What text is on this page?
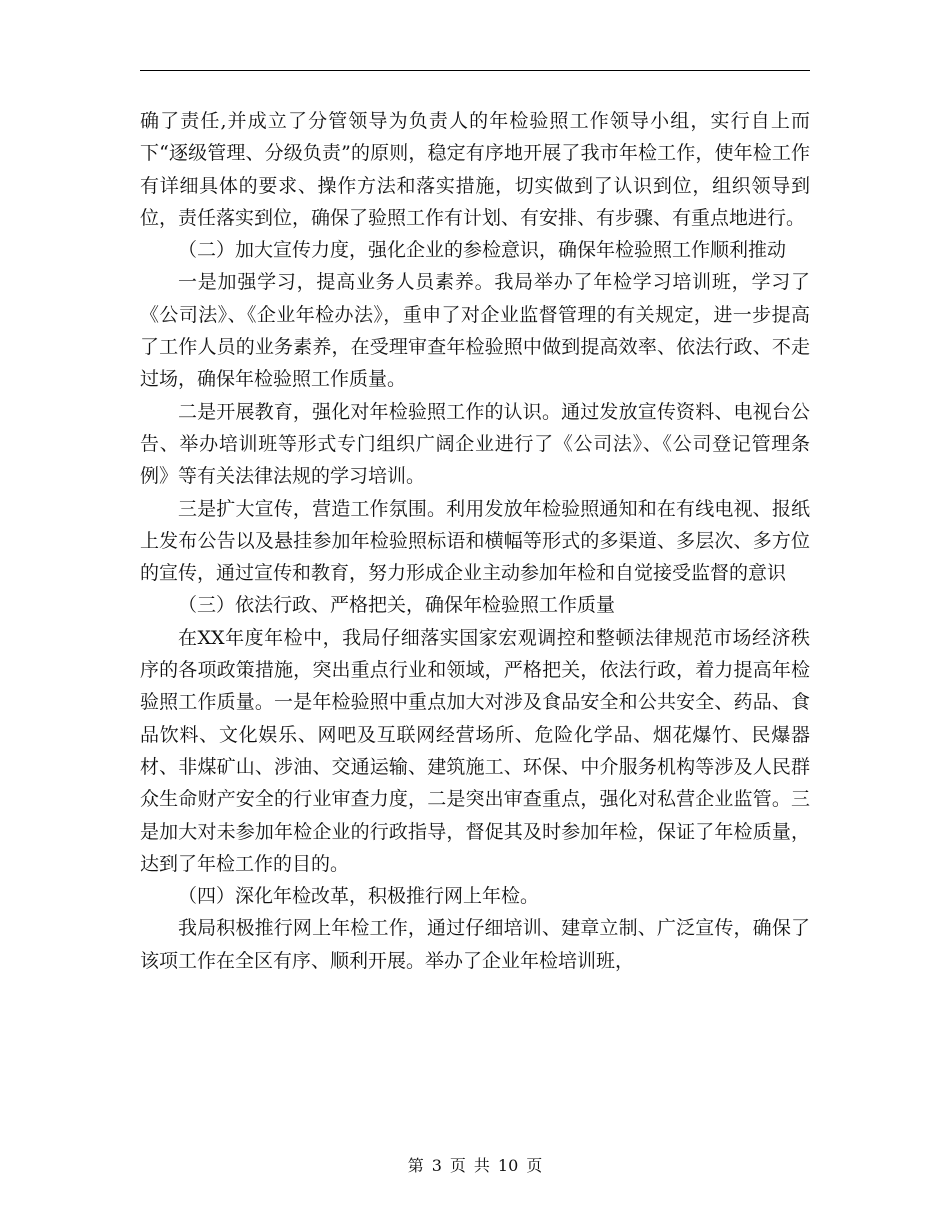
确了责任,并成立了分管领导为负责人的年检验照工作领导小组，实行自上而下“逐级管理、分级负责”的原则，稳定有序地开展了我市年检工作，使年检工作有详细具体的要求、操作方法和落实措施，切实做到了认识到位，组织领导到位，责任落实到位，确保了验照工作有计划、有安排、有步骤、有重点地进行。

（二）加大宣传力度，强化企业的参检意识，确保年检验照工作顺利推动

一是加强学习，提高业务人员素养。我局举办了年检学习培训班，学习了《公司法》、《企业年检办法》，重申了对企业监督管理的有关规定，进一步提高了工作人员的业务素养，在受理审查年检验照中做到提高效率、依法行政、不走过场，确保年检验照工作质量。

二是开展教育，强化对年检验照工作的认识。通过发放宣传资料、电视台公告、举办培训班等形式专门组织广阔企业进行了《公司法》、《公司登记管理条例》等有关法律法规的学习培训。

三是扩大宣传，营造工作氛围。利用发放年检验照通知和在有线电视、报纸上发布公告以及悬挂参加年检验照标语和横幅等形式的多渠道、多层次、多方位的宣传，通过宣传和教育，努力形成企业主动参加年检和自觉接受监督的意识

（三）依法行政、严格把关，确保年检验照工作质量

在XX年度年检中，我局仔细落实国家宏观调控和整顿法律规范市场经济秩序的各项政策措施，突出重点行业和领域，严格把关，依法行政，着力提高年检验照工作质量。一是年检验照中重点加大对涉及食品安全和公共安全、药品、食品饮料、文化娱乐、网吧及互联网经营场所、危险化学品、烟花爆竹、民爆器材、非煤矿山、涉油、交通运输、建筑施工、环保、中介服务机构等涉及人民群众生命财产安全的行业审查力度，二是突出审查重点，强化对私营企业监管。三是加大对未参加年检企业的行政指导，督促其及时参加年检，保证了年检质量，达到了年检工作的目的。

（四）深化年检改革，积极推行网上年检。

我局积极推行网上年检工作，通过仔细培训、建章立制、广泛宣传，确保了该项工作在全区有序、顺利开展。举办了企业年检培训班，

第 3 页 共 10 页
